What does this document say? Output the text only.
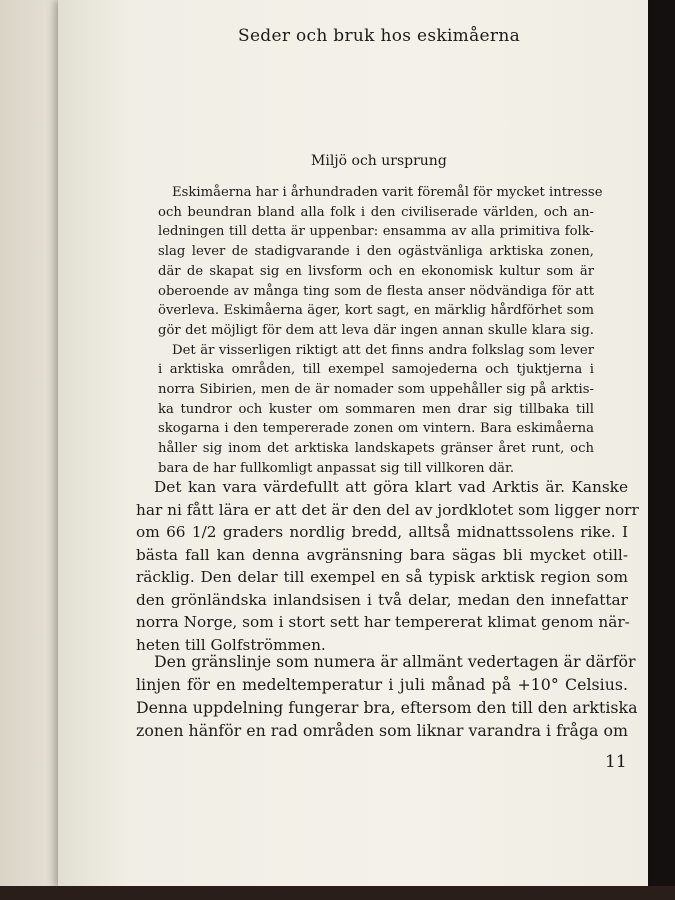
Seder och bruk hos eskimåerna
Miljö och ursprung
Eskimåerna har i århundraden varit föremål för mycket intresse
och beundran bland alla folk i den civiliserade världen, och an-
ledningen till detta är uppenbar: ensamma av alla primitiva folk-
slag lever de stadigvarande i den ogästvänliga arktiska zonen,
där de skapat sig en livsform och en ekonomisk kultur som är
oberoende av många ting som de flesta anser nödvändiga för att
överleva. Eskimåerna äger, kort sagt, en märklig hårdförhet som
gör det möjligt för dem att leva där ingen annan skulle klara sig.
Det är visserligen riktigt att det finns andra folkslag som lever
i arktiska områden, till exempel samojederna och tjuktjerna i
norra Sibirien, men de är nomader som uppehåller sig på arktis-
ka tundror och kuster om sommaren men drar sig tillbaka till
skogarna i den tempererade zonen om vintern. Bara eskimåerna
håller sig inom det arktiska landskapets gränser året runt, och
bara de har fullkomligt anpassat sig till villkoren där.
Det kan vara värdefullt att göra klart vad Arktis är. Kanske
har ni fått lära er att det är den del av jordklotet som ligger norr
om 66 1/2 graders nordlig bredd, alltså midnattssolens rike. I
bästa fall kan denna avgränsning bara sägas bli mycket otill-
räcklig. Den delar till exempel en så typisk arktisk region som
den grönländska inlandsisen i två delar, medan den innefattar
norra Norge, som i stort sett har tempererat klimat genom när-
heten till Golfströmmen.
Den gränslinje som numera är allmänt vedertagen är därför
linjen för en medeltemperatur i juli månad på +10° Celsius.
Denna uppdelning fungerar bra, eftersom den till den arktiska
zonen hänför en rad områden som liknar varandra i fråga om
11
